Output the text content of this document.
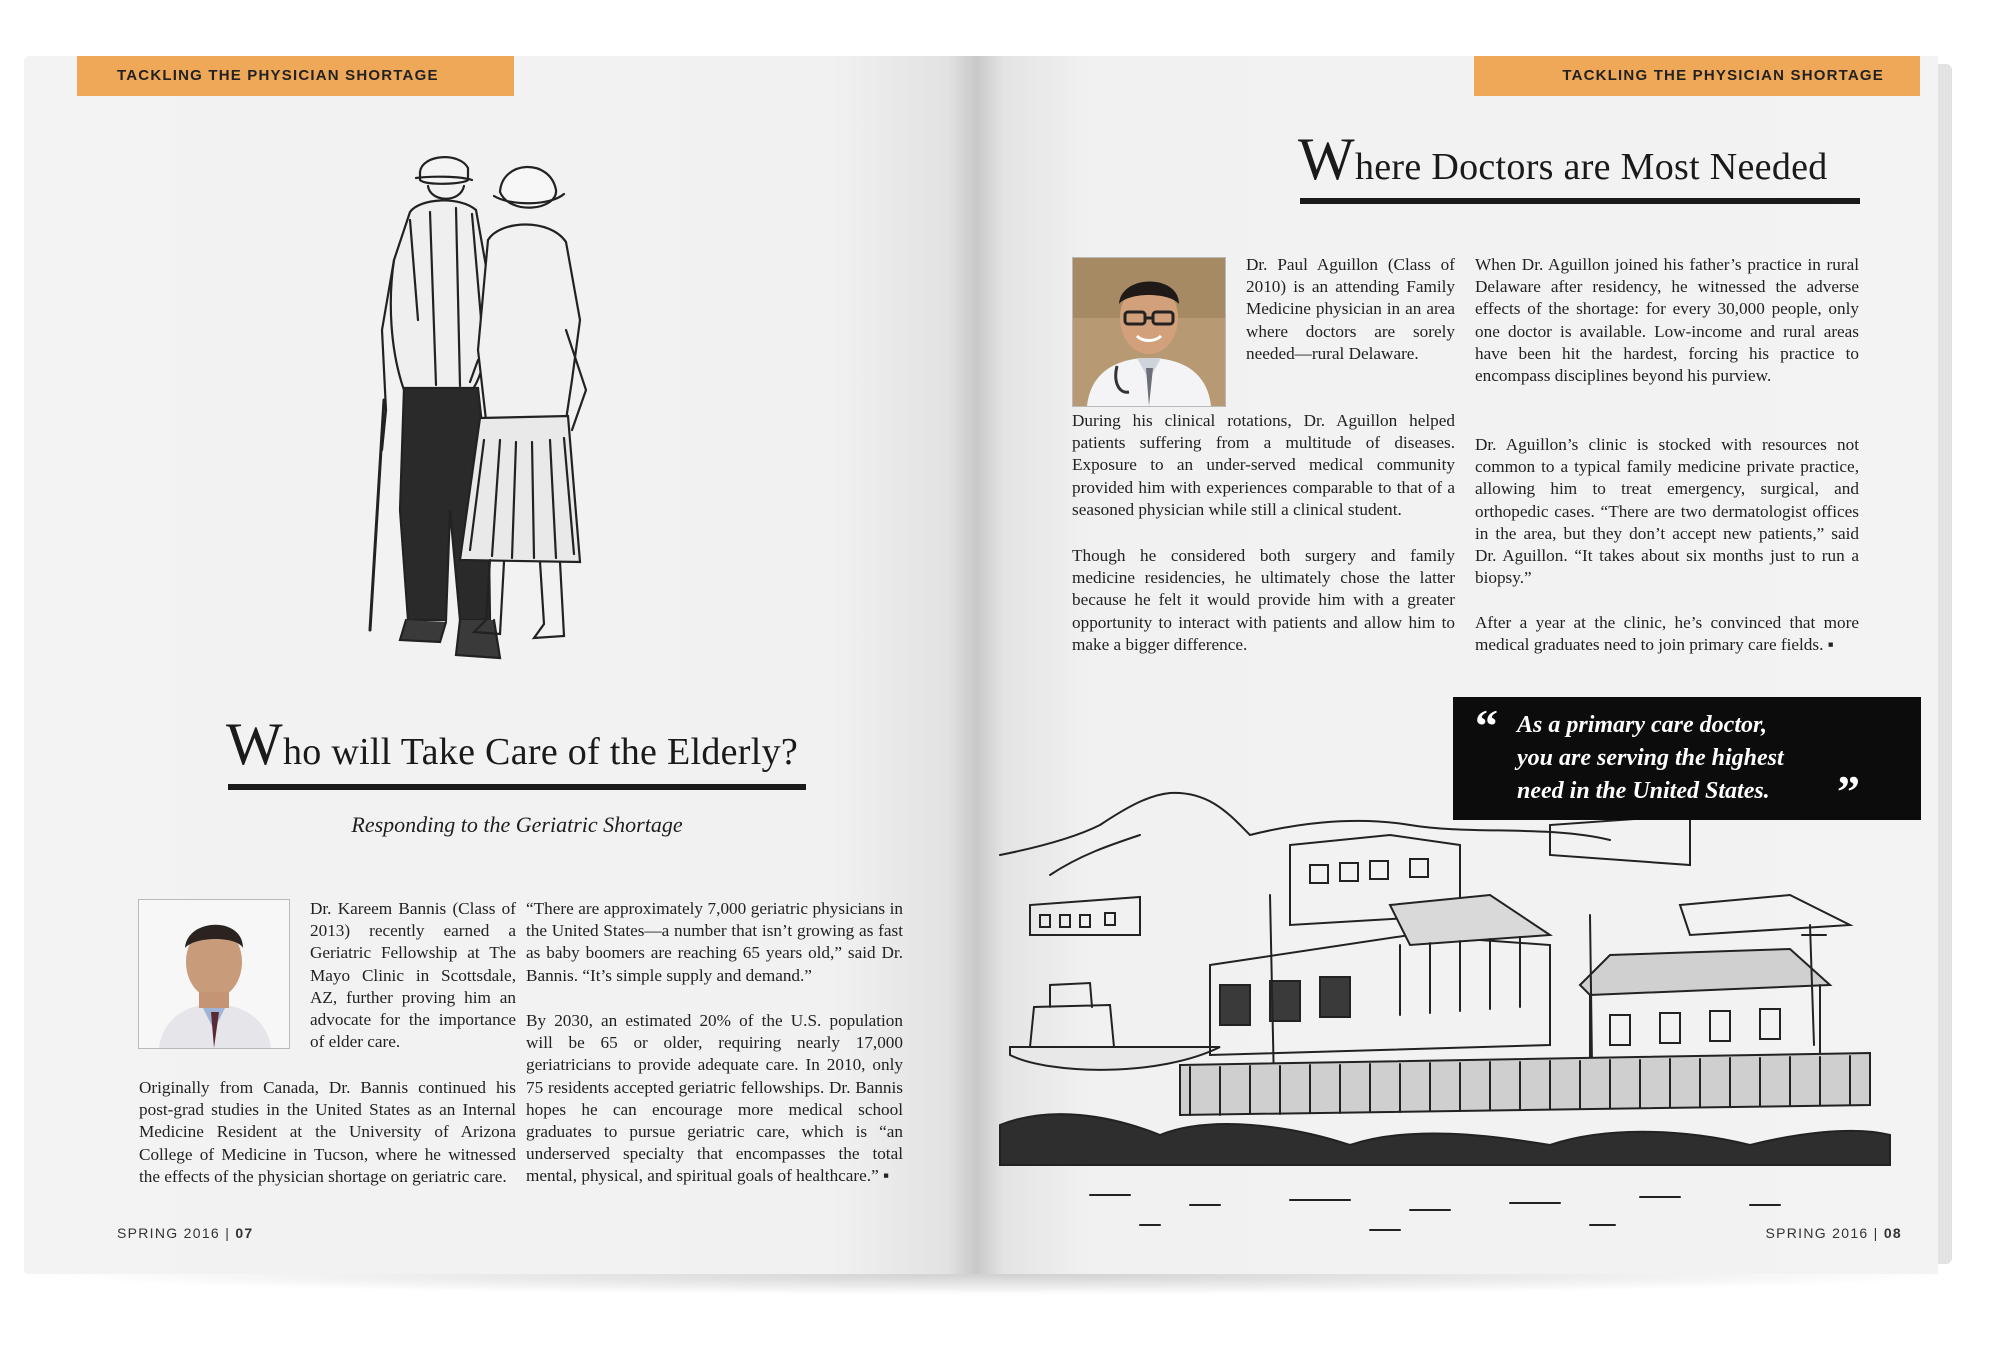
TACKLING THE PHYSICIAN SHORTAGE	TACKLING THE PHYSICIAN SHORTAGE
Who will Take Care of the Elderly?
Responding to the Geriatric Shortage
Dr. Kareem Bannis (Class of 2013) recently earned a Geriatric Fellowship at The Mayo Clinic in Scottsdale, AZ, further proving him an advocate for the importance of elder care.
Originally from Canada, Dr. Bannis continued his post-grad studies in the United States as an Internal Medicine Resident at the University of Arizona College of Medicine in Tucson, where he witnessed the effects of the physician shortage on geriatric care.
“There are approximately 7,000 geriatric physicians in the United States—a number that isn’t growing as fast as baby boomers are reaching 65 years old,” said Dr. Bannis. “It’s simple supply and demand.”
By 2030, an estimated 20% of the U.S. population will be 65 or older, requiring nearly 17,000 geriatricians to provide adequate care. In 2010, only 75 residents accepted geriatric fellowships. Dr. Bannis hopes he can encourage more medical school graduates to pursue geriatric care, which is “an underserved specialty that encompasses the total mental, physical, and spiritual goals of healthcare.” ▪
SPRING 2016 | 07
Where Doctors are Most Needed
Dr. Paul Aguillon (Class of 2010) is an attending Family Medicine physician in an area where doctors are sorely needed—rural Delaware.
During his clinical rotations, Dr. Aguillon helped patients suffering from a multitude of diseases. Exposure to an under-served medical community provided him with experiences comparable to that of a seasoned physician while still a clinical student.
Though he considered both surgery and family medicine residencies, he ultimately chose the latter because he felt it would provide him with a greater opportunity to interact with patients and allow him to make a bigger difference.
When Dr. Aguillon joined his father’s practice in rural Delaware after residency, he witnessed the adverse effects of the shortage: for every 30,000 people, only one doctor is available. Low-income and rural areas have been hit the hardest, forcing his practice to encompass disciplines beyond his purview.
Dr. Aguillon’s clinic is stocked with resources not common to a typical family medicine private practice, allowing him to treat emergency, surgical, and orthopedic cases. “There are two dermatologist offices in the area, but they don’t accept new patients,” said Dr. Aguillon. “It takes about six months just to run a biopsy.”
After a year at the clinic, he’s convinced that more medical graduates need to join primary care fields. ▪
“ As a primary care doctor,
you are serving the highest
need in the United States.	”
SPRING 2016 | 08
